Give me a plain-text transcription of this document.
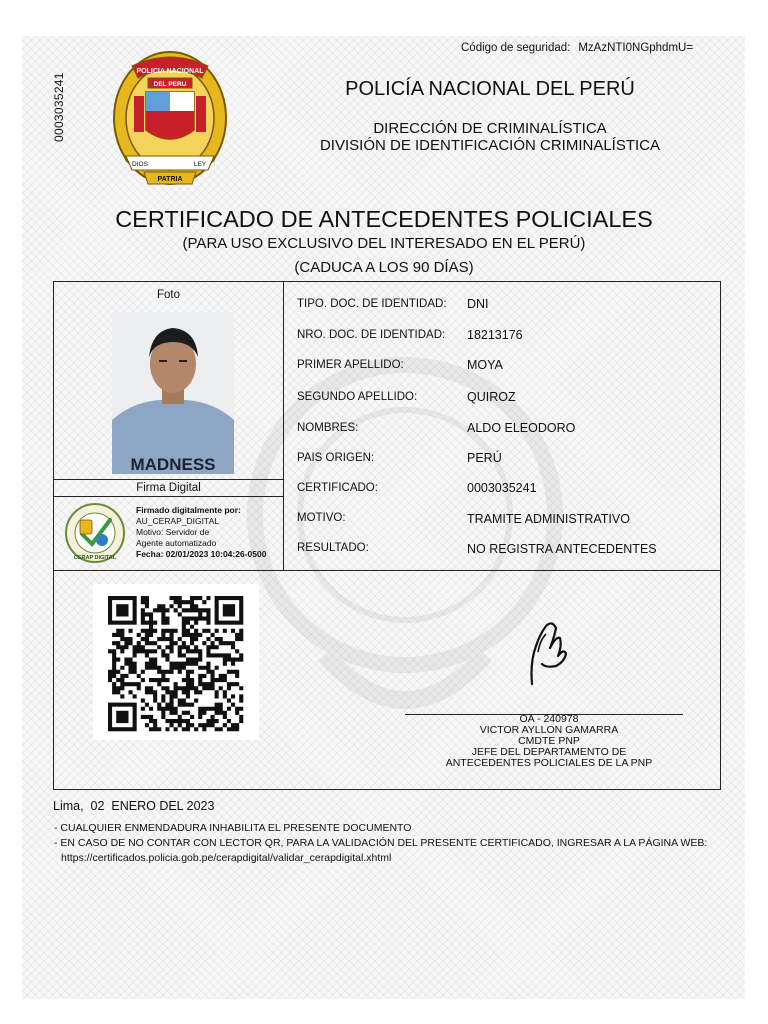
Código de seguridad: MzAzNTI0NGphdmU=
0003035241
POLICIA NACIONAL
DEL PERU
DIOS	LEY
PATRIA
POLICÍA NACIONAL DEL PERÚ
DIRECCIÓN DE CRIMINALÍSTICA
DIVISIÓN DE IDENTIFICACIÓN CRIMINALÍSTICA
CERTIFICADO DE ANTECEDENTES POLICIALES
(PARA USO EXCLUSIVO DEL INTERESADO EN EL PERÚ)
(CADUCA A LOS 90 DÍAS)
Foto
MADNESS
Firma Digital
CERAP DIGITAL
Firmado digitalmente por:
AU_CERAP_DIGITAL
Motivo: Servidor de
Agente automatizado
Fecha: 02/01/2023 10:04:26-0500
TIPO. DOC. DE IDENTIDAD: DNI
NRO. DOC. DE IDENTIDAD: 18213176
PRIMER APELLIDO:	MOYA
SEGUNDO APELLIDO:	QUIROZ
NOMBRES:	ALDO ELEODORO
PAIS ORIGEN:	PERÚ
CERTIFICADO:	0003035241
MOTIVO:	TRAMITE ADMINISTRATIVO
RESULTADO:	NO REGISTRA ANTECEDENTES
OA - 240978
VICTOR AYLLON GAMARRA
CMDTE PNP
JEFE DEL DEPARTAMENTO DE
ANTECEDENTES POLICIALES DE LA PNP
Lima, 02 ENERO DEL 2023
- CUALQUIER ENMENDADURA INHABILITA EL PRESENTE DOCUMENTO
- EN CASO DE NO CONTAR CON LECTOR QR, PARA LA VALIDACIÓN DEL PRESENTE CERTIFICADO, INGRESAR A LA PÁGINA WEB:
https://certificados.policia.gob.pe/cerapdigital/validar_cerapdigital.xhtml
